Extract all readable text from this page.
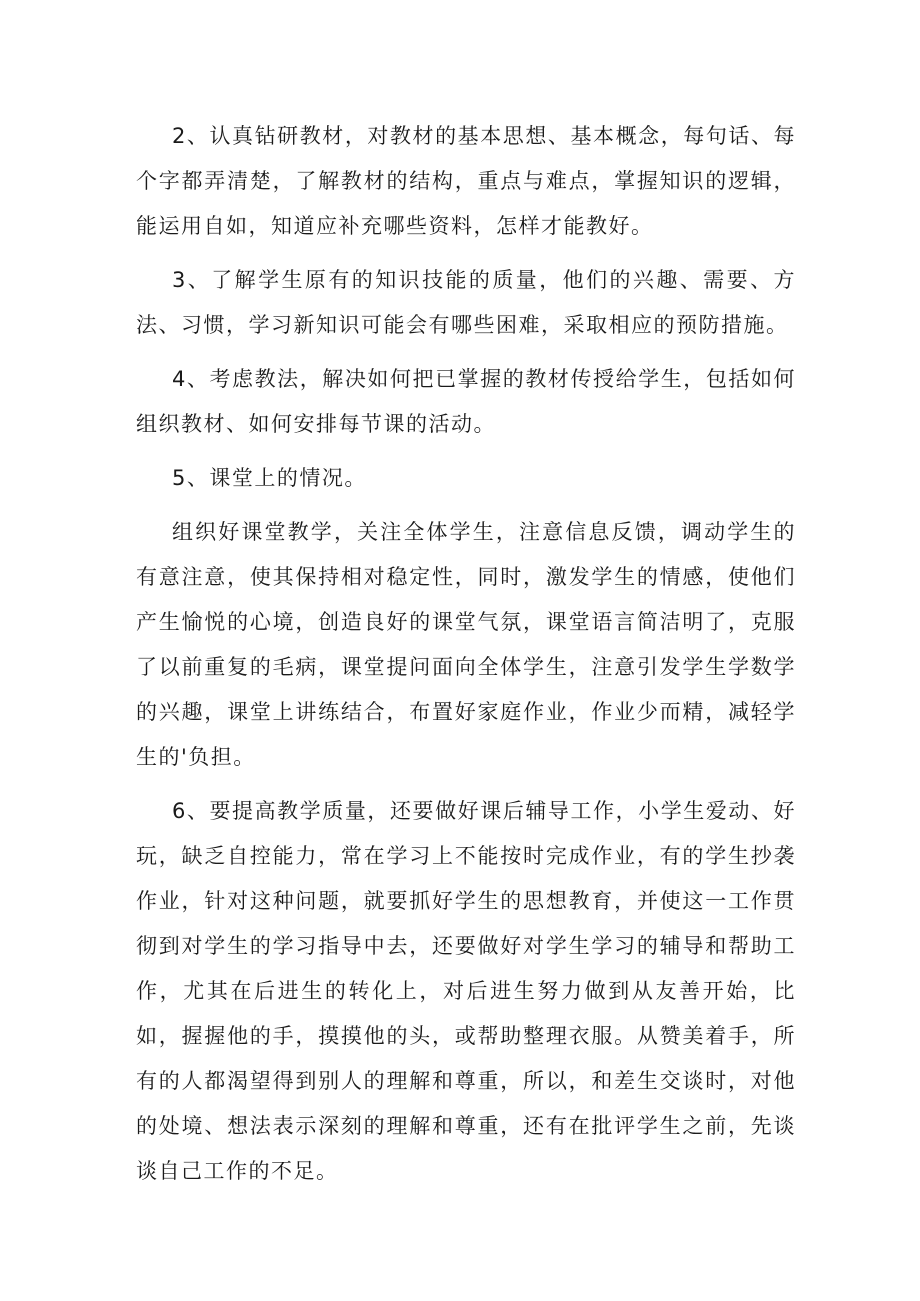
2、认真钻研教材，对教材的基本思想、基本概念，每句话、每个字都弄清楚，了解教材的结构，重点与难点，掌握知识的逻辑，能运用自如，知道应补充哪些资料，怎样才能教好。

3、了解学生原有的知识技能的质量，他们的兴趣、需要、方法、习惯，学习新知识可能会有哪些困难，采取相应的预防措施。

4、考虑教法，解决如何把已掌握的教材传授给学生，包括如何组织教材、如何安排每节课的活动。

5、课堂上的情况。

组织好课堂教学，关注全体学生，注意信息反馈，调动学生的有意注意，使其保持相对稳定性，同时，激发学生的情感，使他们产生愉悦的心境，创造良好的课堂气氛，课堂语言简洁明了，克服了以前重复的毛病，课堂提问面向全体学生，注意引发学生学数学的兴趣，课堂上讲练结合，布置好家庭作业，作业少而精，减轻学生的'负担。

6、要提高教学质量，还要做好课后辅导工作，小学生爱动、好玩，缺乏自控能力，常在学习上不能按时完成作业，有的学生抄袭作业，针对这种问题，就要抓好学生的思想教育，并使这一工作贯彻到对学生的学习指导中去，还要做好对学生学习的辅导和帮助工作，尤其在后进生的转化上，对后进生努力做到从友善开始，比如，握握他的手，摸摸他的头，或帮助整理衣服。从赞美着手，所有的人都渴望得到别人的理解和尊重，所以，和差生交谈时，对他的处境、想法表示深刻的理解和尊重，还有在批评学生之前，先谈谈自己工作的不足。
